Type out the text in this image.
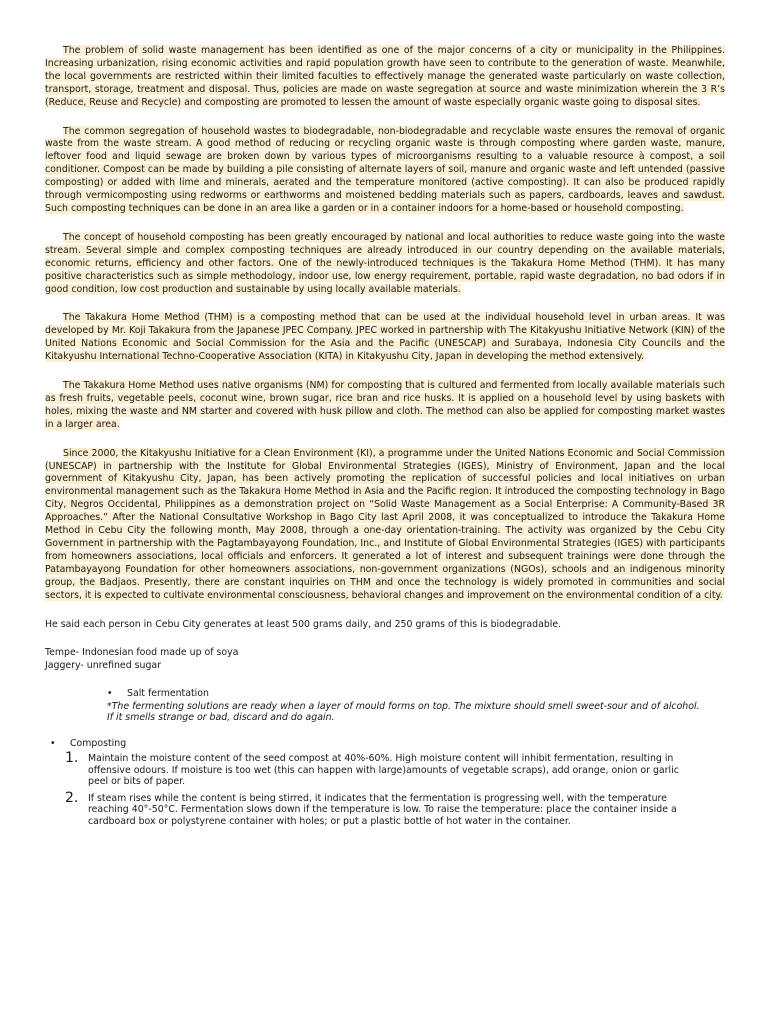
The problem of solid waste management has been identified as one of the major concerns of a city or municipality in the Philippines. Increasing urbanization, rising economic activities and rapid population growth have seen to contribute to the generation of waste. Meanwhile, the local governments are restricted within their limited faculties to effectively manage the generated waste particularly on waste collection, transport, storage, treatment and disposal. Thus, policies are made on waste segregation at source and waste minimization wherein the 3 R’s (Reduce, Reuse and Recycle) and composting are promoted to lessen the amount of waste especially organic waste going to disposal sites.

The common segregation of household wastes to biodegradable, non-biodegradable and recyclable waste ensures the removal of organic waste from the waste stream. A good method of reducing or recycling organic waste is through composting where garden waste, manure, leftover food and liquid sewage are broken down by various types of microorganisms resulting to a valuable resource à compost, a soil conditioner. Compost can be made by building a pile consisting of alternate layers of soil, manure and organic waste and left untended (passive composting) or added with lime and minerals, aerated and the temperature monitored (active composting). It can also be produced rapidly through vermicomposting using redworms or earthworms and moistened bedding materials such as papers, cardboards, leaves and sawdust. Such composting techniques can be done in an area like a garden or in a container indoors for a home-based or household composting.

The concept of household composting has been greatly encouraged by national and local authorities to reduce waste going into the waste stream. Several simple and complex composting techniques are already introduced in our country depending on the available materials, economic returns, efficiency and other factors. One of the newly-introduced techniques is the Takakura Home Method (THM). It has many positive characteristics such as simple methodology, indoor use, low energy requirement, portable, rapid waste degradation, no bad odors if in good condition, low cost production and sustainable by using locally available materials.

The Takakura Home Method (THM) is a composting method that can be used at the individual household level in urban areas. It was developed by Mr. Koji Takakura from the Japanese JPEC Company. JPEC worked in partnership with The Kitakyushu Initiative Network (KIN) of the United Nations Economic and Social Commission for the Asia and the Pacific (UNESCAP) and Surabaya, Indonesia City Councils and the Kitakyushu International Techno-Cooperative Association (KITA) in Kitakyushu City, Japan in developing the method extensively.

The Takakura Home Method uses native organisms (NM) for composting that is cultured and fermented from locally available materials such as fresh fruits, vegetable peels, coconut wine, brown sugar, rice bran and rice husks. It is applied on a household level by using baskets with holes, mixing the waste and NM starter and covered with husk pillow and cloth. The method can also be applied for composting market wastes in a larger area.

Since 2000, the Kitakyushu Initiative for a Clean Environment (KI), a programme under the United Nations Economic and Social Commission (UNESCAP) in partnership with the Institute for Global Environmental Strategies (IGES), Ministry of Environment, Japan and the local government of Kitakyushu City, Japan, has been actively promoting the replication of successful policies and local initiatives on urban environmental management such as the Takakura Home Method in Asia and the Pacific region. It introduced the composting technology in Bago City, Negros Occidental, Philippines as a demonstration project on “Solid Waste Management as a Social Enterprise: A Community-Based 3R Approaches.” After the National Consultative Workshop in Bago City last April 2008, it was conceptualized to introduce the Takakura Home Method in Cebu City the following month, May 2008, through a one-day orientation-training. The activity was organized by the Cebu City Government in partnership with the Pagtambayayong Foundation, Inc., and Institute of Global Environmental Strategies (IGES) with participants from homeowners associations, local officials and enforcers. It generated a lot of interest and subsequent trainings were done through the Patambayayong Foundation for other homeowners associations, non-government organizations (NGOs), schools and an indigenous minority group, the Badjaos. Presently, there are constant inquiries on THM and once the technology is widely promoted in communities and social sectors, it is expected to cultivate environmental consciousness, behavioral changes and improvement on the environmental condition of a city.

He said each person in Cebu City generates at least 500 grams daily, and 250 grams of this is biodegradable.

Tempe- Indonesian food made up of soya

Jaggery- unrefined sugar

• Salt fermentation

*The fermenting solutions are ready when a layer of mould forms on top. The mixture should smell sweet-sour and of alcohol. If it smells strange or bad, discard and do again.

• Composting
1. Maintain the moisture content of the seed compost at 40%-60%. High moisture content will inhibit fermentation, resulting in offensive odours. If moisture is too wet (this can happen with large)amounts of vegetable scraps), add orange, onion or garlic peel or bits of paper.
2. If steam rises while the content is being stirred, it indicates that the fermentation is progressing well, with the temperature reaching 40°-50°C. Fermentation slows down if the temperature is low. To raise the temperature: place the container inside a cardboard box or polystyrene container with holes; or put a plastic bottle of hot water in the container.
